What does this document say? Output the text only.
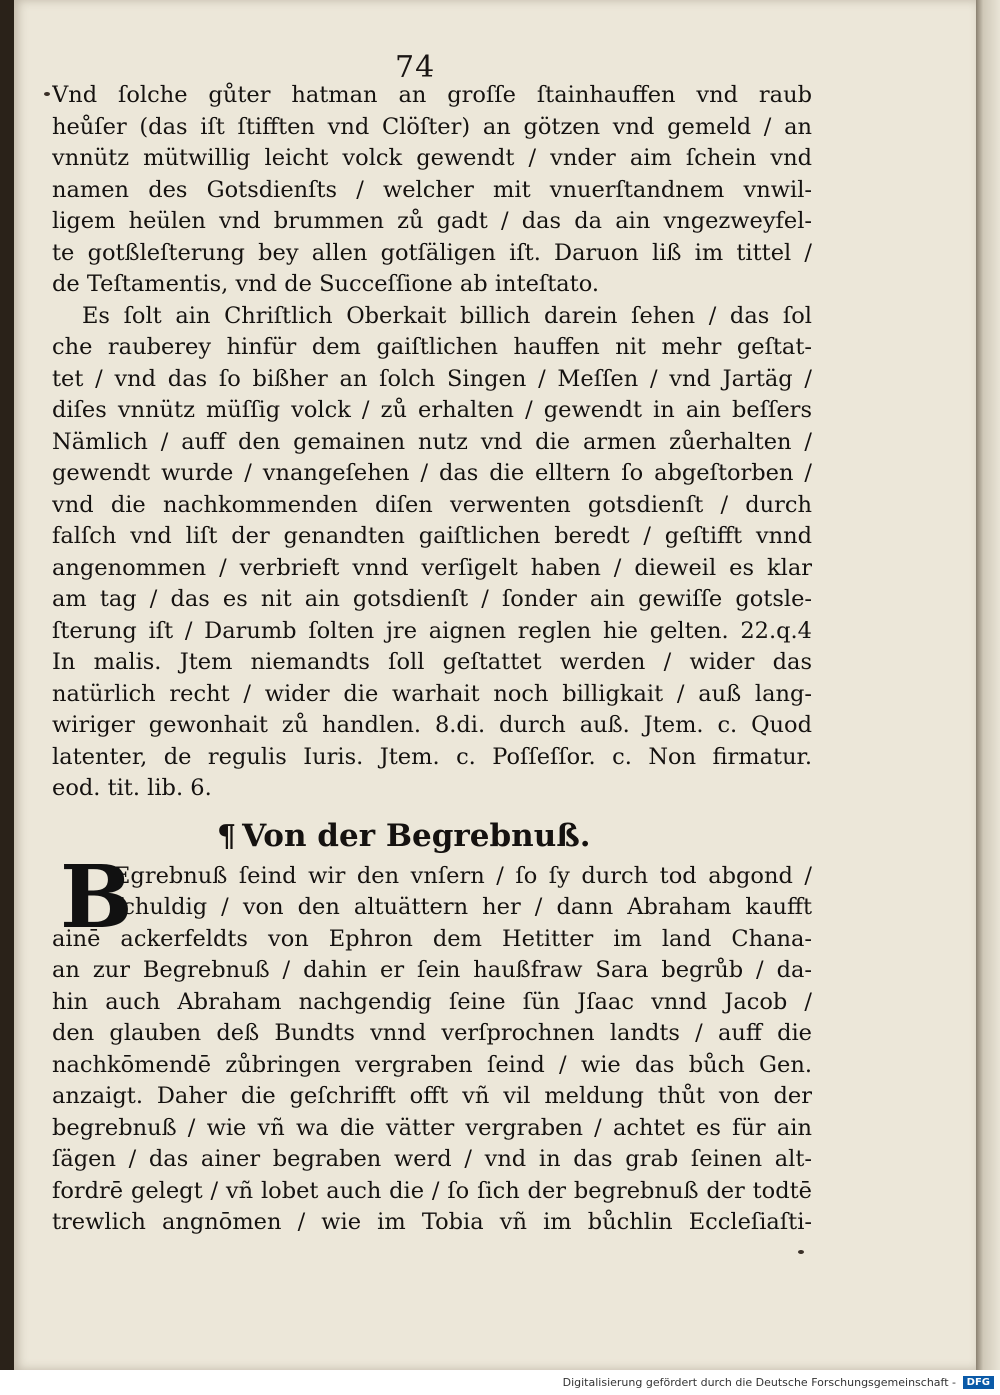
74
Vnd ſolche gůter hatman an groſſe ſtainhauffen vnd raub
heůſer (das iſt ſtifften vnd Clöſter) an götzen vnd gemeld / an
vnnütz mütwillig leicht volck gewendt / vnder aim ſchein vnd
namen des Gotsdienſts / welcher mit vnuerſtandnem vnwil-
ligem heülen vnd brummen zů gadt / das da ain vngezweyfel-
te gotßleſterung bey allen gotſäligen iſt. Daruon liß im tittel /
de Teſtamentis, vnd de Succeſſione ab inteſtato.
Es ſolt ain Chriſtlich Oberkait billich darein ſehen / das ſol
che rauberey hinfür dem gaiſtlichen hauffen nit mehr geſtat-
tet / vnd das ſo bißher an ſolch Singen / Meſſen / vnd Jartäg /
diſes vnnütz müſſig volck / zů erhalten / gewendt in ain beſſers
Nämlich / auff den gemainen nutz vnd die armen zůerhalten /
gewendt wurde / vnangeſehen / das die elltern ſo abgeſtorben /
vnd die nachkommenden diſen verwenten gotsdienſt / durch
falſch vnd liſt der genandten gaiſtlichen beredt / geſtifft vnnd
angenommen / verbrieft vnnd verſigelt haben / dieweil es klar
am tag / das es nit ain gotsdienſt / ſonder ain gewiſſe gotsle-
ſterung iſt / Darumb ſolten jre aignen reglen hie gelten. 22.q.4
In malis. Jtem niemandts ſoll geſtattet werden / wider das
natürlich recht / wider die warhait noch billigkait / auß lang-
wiriger gewonhait zů handlen. 8.di. durch auß. Jtem. c. Quod
latenter, de regulis Iuris. Jtem. c. Poſſeſſor. c. Non firmatur.
eod. tit. lib. 6.
¶ Von der Begrebnuß.
B
Egrebnuß ſeind wir den vnſern / ſo ſy durch tod abgond /
ſchuldig / von den altuättern her / dann Abraham kaufft
ainē ackerfeldts von Ephron dem Hetitter im land Chana-
an zur Begrebnuß / dahin er ſein haußfraw Sara begrůb / da-
hin auch Abraham nachgendig ſeine ſün Jſaac vnnd Jacob /
den glauben deß Bundts vnnd verſprochnen landts / auff die
nachkōmendē zůbringen vergraben ſeind / wie das bůch Gen.
anzaigt. Daher die geſchrifft offt vñ vil meldung thůt von der
begrebnuß / wie vñ wa die vätter vergraben / achtet es für ain
ſägen / das ainer begraben werd / vnd in das grab ſeinen alt-
fordrē gelegt / vñ lobet auch die / ſo ſich der begrebnuß der todtē
trewlich angnōmen / wie im Tobia vñ im bůchlin Eccleſiaſti-
Digitalisierung gefördert durch die Deutsche Forschungsgemeinschaft -	DFG
